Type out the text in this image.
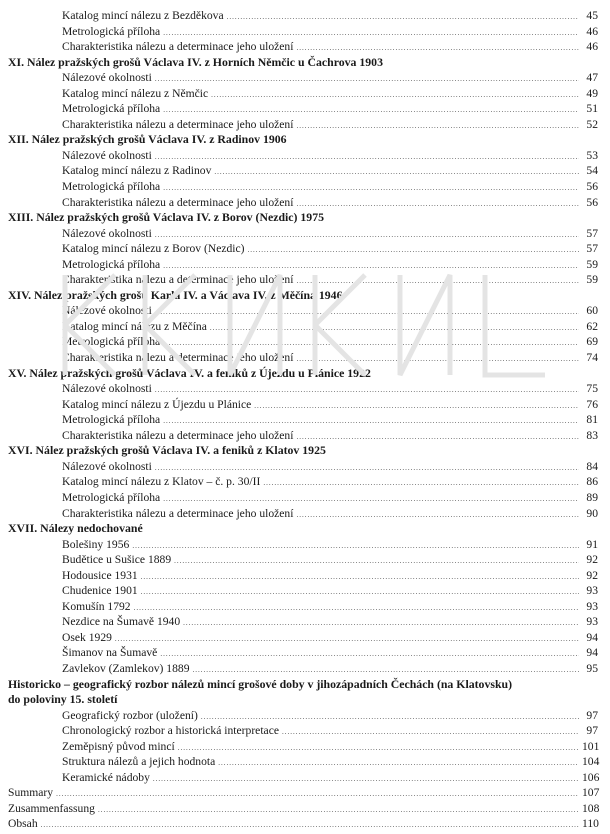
Katalog mincí nálezu z Bezděkova .....	45
Metrologická příloha .....	46
Charakteristika nálezu a determinace jeho uložení .....	46
XI. Nález pražských grošů Václava IV. z Horních Němčic u Čachrova 1903
Nálezové okolnosti .....	47
Katalog mincí nálezu z Němčic .....	49
Metrologická příloha .....	51
Charakteristika nálezu a determinace jeho uložení .....	52
XII. Nález pražských grošů Václava IV. z Radinov 1906
Nálezové okolnosti .....	53
Katalog mincí nálezu z Radinov .....	54
Metrologická příloha .....	56
Charakteristika nálezu a determinace jeho uložení .....	56
XIII. Nález pražských grošů Václava IV. z Borov (Nezdic) 1975
Nálezové okolnosti .....	57
Katalog mincí nálezu z Borov (Nezdic) .....	57
Metrologická příloha .....	59
Charakteristika nálezu a determinace jeho uložení .....	59
XIV. Nález pražských grošů Karla IV. a Václava IV. z Měčína 1946
Nálezové okolnosti .....	60
Katalog mincí nálezu z Měčína .....	62
Metrologická příloha .....	69
Charakteristika nálezu a determinace jeho uložení .....	74
XV. Nález pražských grošů Václava IV. a feniků z Újezdu u Plánice 1922
Nálezové okolnosti .....	75
Katalog mincí nálezu z Újezdu u Plánice .....	76
Metrologická příloha .....	81
Charakteristika nálezu a determinace jeho uložení .....	83
XVI. Nález pražských grošů Václava IV. a feniků z Klatov 1925
Nálezové okolnosti .....	84
Katalog mincí nálezu z Klatov – č. p. 30/II .....	86
Metrologická příloha .....	89
Charakteristika nálezu a determinace jeho uložení .....	90
XVII. Nálezy nedochované
Bolešiny 1956 .....	91
Budětice u Sušice 1889 .....	92
Hodousice 1931 .....	92
Chudenice 1901 .....	93
Komušín 1792 .....	93
Nezdice na Šumavě 1940 .....	93
Osek 1929 .....	94
Šimanov na Šumavě .....	94
Zavlekov (Zamlekov) 1889 .....	95
Historicko – geografický rozbor nálezů mincí grošové doby v jihozápadních Čechách (na Klatovsku)
do poloviny 15. století
Geografický rozbor (uložení) .....	97
Chronologický rozbor a historická interpretace .....	97
Zeměpisný původ mincí .....	101
Struktura nálezů a jejich hodnota .....	104
Keramické nádoby .....	106
Summary .....	107
Zusammenfassung .....	108
Obsah .....	110
